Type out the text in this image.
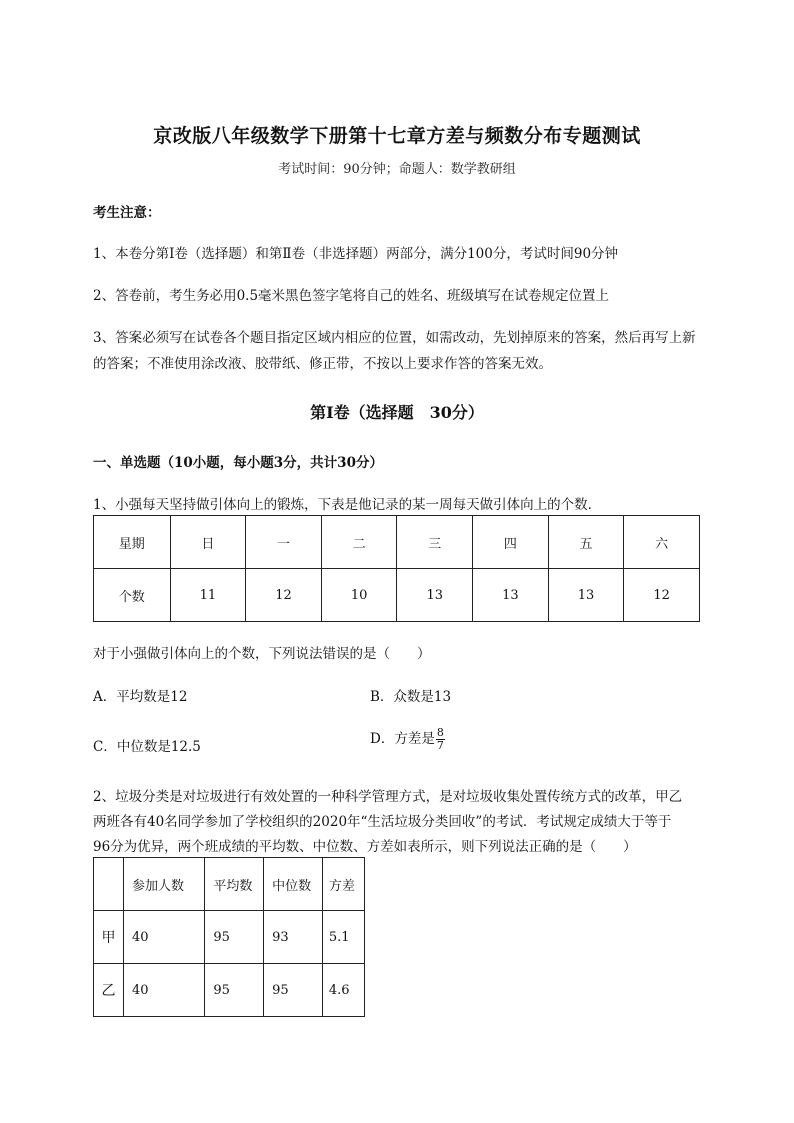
京改版八年级数学下册第十七章方差与频数分布专题测试
考试时间：90分钟；命题人：数学教研组
考生注意：
1、本卷分第Ⅰ卷（选择题）和第Ⅱ卷（非选择题）两部分，满分100分，考试时间90分钟
2、答卷前，考生务必用0.5毫米黑色签字笔将自己的姓名、班级填写在试卷规定位置上
3、答案必须写在试卷各个题目指定区域内相应的位置，如需改动，先划掉原来的答案，然后再写上新
的答案；不准使用涂改液、胶带纸、修正带，不按以上要求作答的答案无效。
第Ⅰ卷（选择题　30分）
一、单选题（10小题，每小题3分，共计30分）
1、小强每天坚持做引体向上的锻炼，下表是他记录的某一周每天做引体向上的个数．
星期	日	一	二	三	四	五	六
个数	11	12	10	13	13	13	12
对于小强做引体向上的个数，下列说法错误的是（　　）
A．平均数是12	B．众数是13
C．中位数是12.5	D．方差是 $\frac{8}{7}$
2、垃圾分类是对垃圾进行有效处置的一种科学管理方式，是对垃圾收集处置传统方式的改革，甲乙
两班各有40名同学参加了学校组织的2020年“生活垃圾分类回收”的考试．考试规定成绩大于等于
96分为优异，两个班成绩的平均数、中位数、方差如表所示，则下列说法正确的是（　　）
	参加人数	平均数	中位数	方差
甲	40	95	93	5.1
乙	40	95	95	4.6
